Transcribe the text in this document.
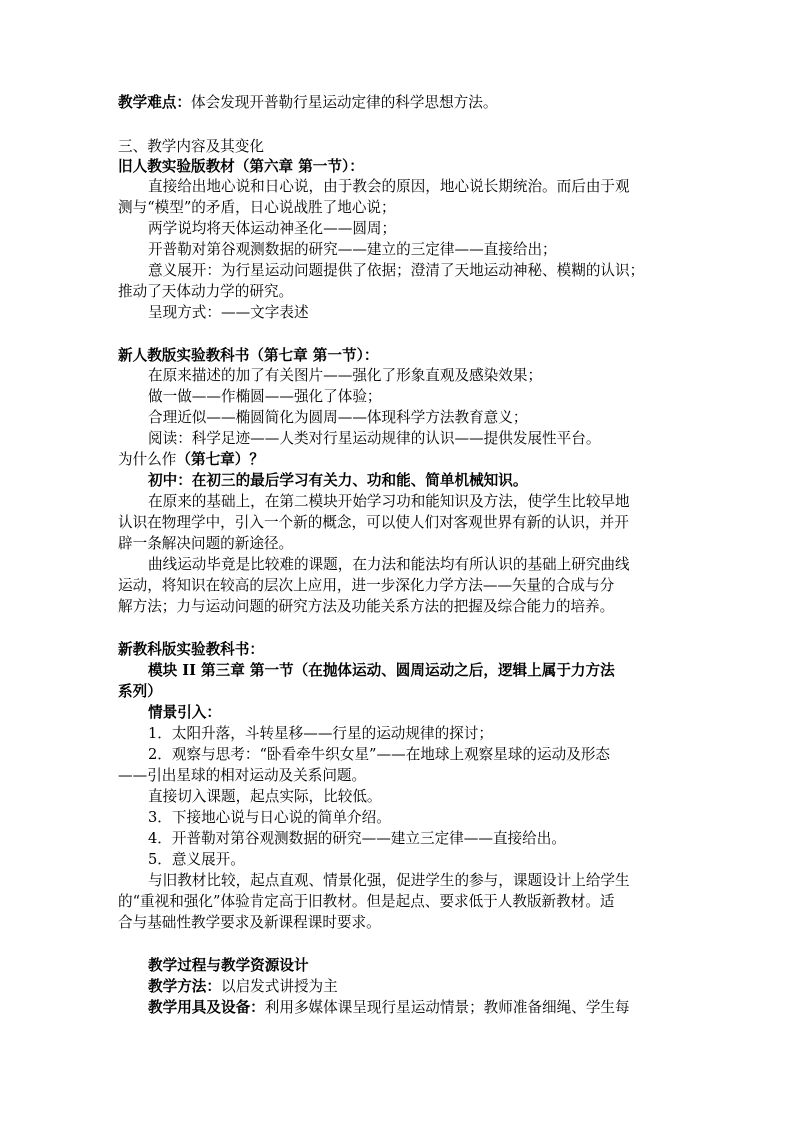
教学难点：体会发现开普勒行星运动定律的科学思想方法。
三、教学内容及其变化
旧人教实验版教材（第六章 第一节）：
直接给出地心说和日心说，由于教会的原因，地心说长期统治。而后由于观
测与“模型”的矛盾，日心说战胜了地心说；
两学说均将天体运动神圣化——圆周；
开普勒对第谷观测数据的研究——建立的三定律——直接给出；
意义展开：为行星运动问题提供了依据；澄清了天地运动神秘、模糊的认识；
推动了天体动力学的研究。
呈现方式：——文字表述
新人教版实验教科书（第七章 第一节）：
在原来描述的加了有关图片——强化了形象直观及感染效果；
做一做——作椭圆——强化了体验；
合理近似——椭圆简化为圆周——体现科学方法教育意义；
阅读：科学足迹——人类对行星运动规律的认识——提供发展性平台。
为什么作（第七章）？
初中：在初三的最后学习有关力、功和能、简单机械知识。
在原来的基础上，在第二模块开始学习功和能知识及方法，使学生比较早地
认识在物理学中，引入一个新的概念，可以使人们对客观世界有新的认识，并开
辟一条解决问题的新途径。
曲线运动毕竟是比较难的课题，在力法和能法均有所认识的基础上研究曲线
运动，将知识在较高的层次上应用，进一步深化力学方法——矢量的合成与分
解方法；力与运动问题的研究方法及功能关系方法的把握及综合能力的培养。
新教科版实验教科书：
模块 II 第三章 第一节（在抛体运动、圆周运动之后，逻辑上属于力方法
系列）
情景引入：
1．太阳升落，斗转星移——行星的运动规律的探讨；
2．观察与思考：“卧看牵牛织女星”——在地球上观察星球的运动及形态
——引出星球的相对运动及关系问题。
直接切入课题，起点实际，比较低。
3．下接地心说与日心说的简单介绍。
4．开普勒对第谷观测数据的研究——建立三定律——直接给出。
5．意义展开。
与旧教材比较，起点直观、情景化强，促进学生的参与，课题设计上给学生
的“重视和强化”体验肯定高于旧教材。但是起点、要求低于人教版新教材。适
合与基础性教学要求及新课程课时要求。
教学过程与教学资源设计
教学方法：以启发式讲授为主
教学用具及设备：利用多媒体课呈现行星运动情景；教师准备细绳、学生每
